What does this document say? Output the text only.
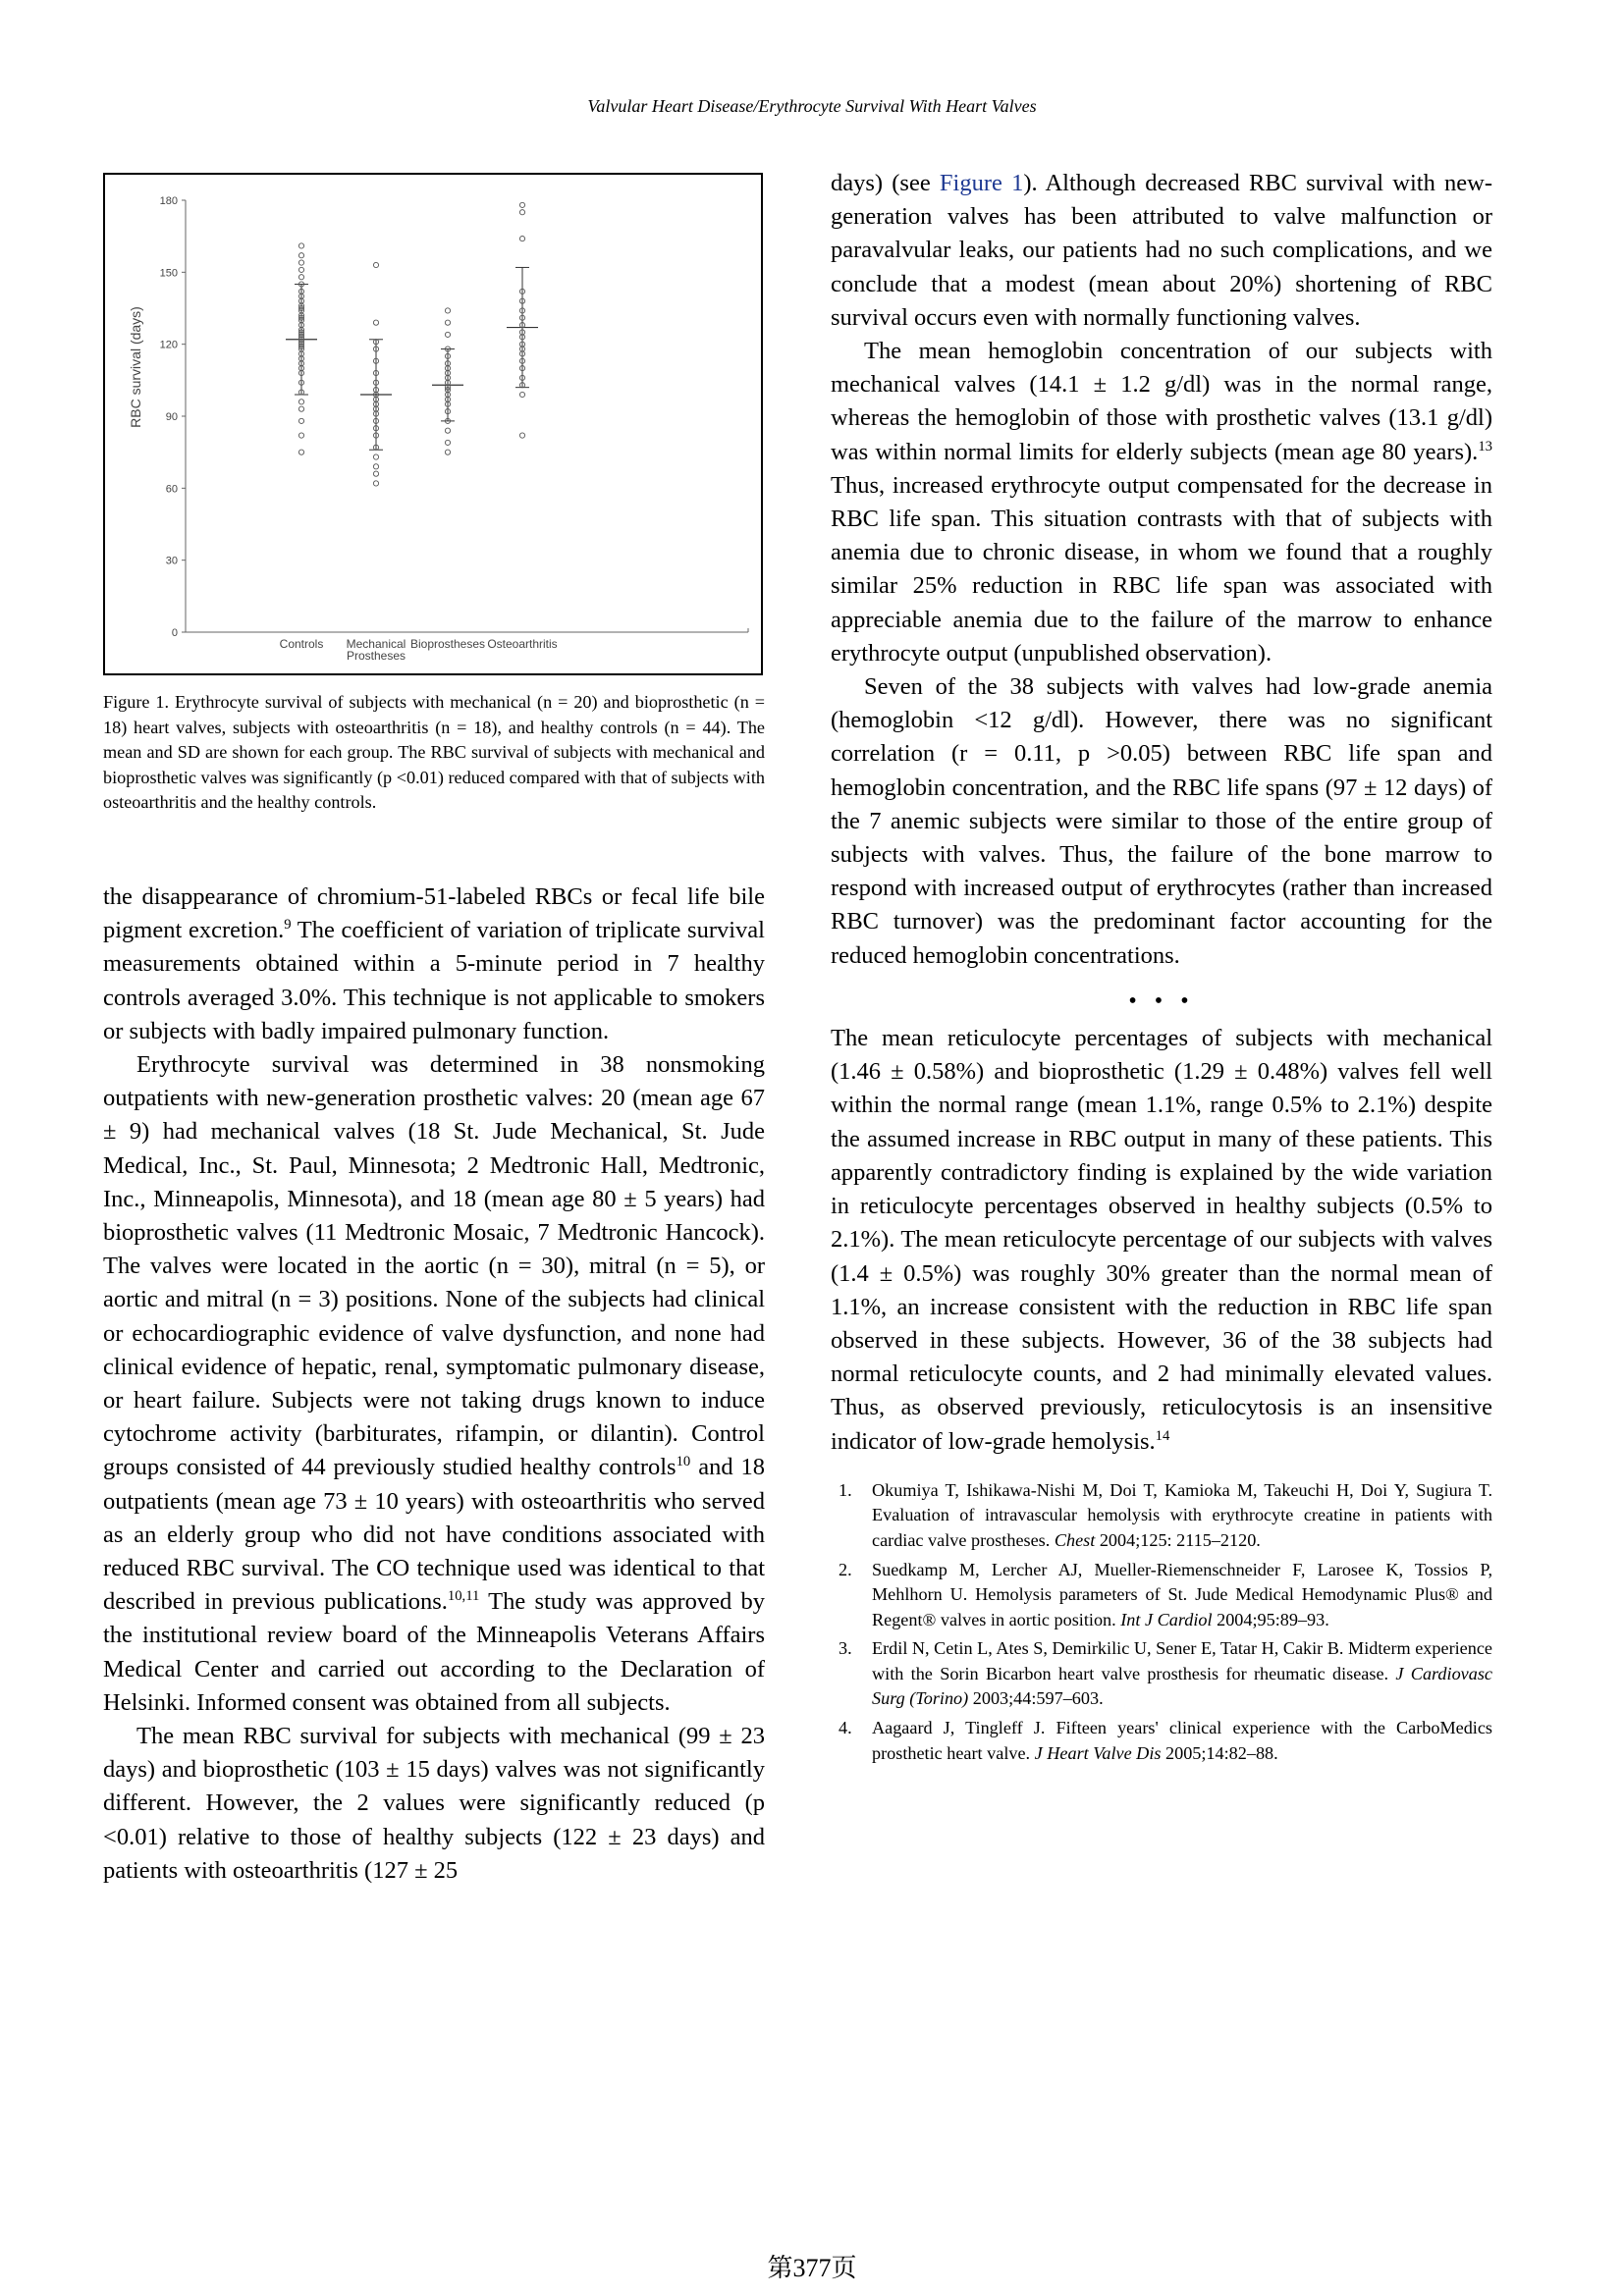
Valvular Heart Disease/Erythrocyte Survival With Heart Valves
0
30
60
90
120
150
180
RBC survival (days)
Controls Mechanical
Prostheses
Bioprostheses Osteoarthritis
Figure 1. Erythrocyte survival of subjects with mechanical (n = 20) and bioprosthetic (n = 18) heart valves, subjects with osteoarthritis (n = 18), and healthy controls (n = 44). The mean and SD are shown for each group. The RBC survival of subjects with mechanical and bioprosthetic valves was significantly (p <0.01) reduced compared with that of subjects with osteoarthritis and the healthy controls.

the disappearance of chromium-51-labeled RBCs or fecal life bile pigment excretion.$^9$ The coefficient of variation of triplicate survival measurements obtained within a 5-minute period in 7 healthy controls averaged 3.0%. This technique is not applicable to smokers or subjects with badly impaired pulmonary function.

Erythrocyte survival was determined in 38 nonsmoking outpatients with new-generation prosthetic valves: 20 (mean age 67 ± 9) had mechanical valves (18 St. Jude Mechanical, St. Jude Medical, Inc., St. Paul, Minnesota; 2 Medtronic Hall, Medtronic, Inc., Minneapolis, Minnesota), and 18 (mean age 80 ± 5 years) had bioprosthetic valves (11 Medtronic Mosaic, 7 Medtronic Hancock). The valves were located in the aortic (n = 30), mitral (n = 5), or aortic and mitral (n = 3) positions. None of the subjects had clinical or echocardiographic evidence of valve dysfunction, and none had clinical evidence of hepatic, renal, symptomatic pulmonary disease, or heart failure. Subjects were not taking drugs known to induce cytochrome activity (barbiturates, rifampin, or dilantin). Control groups consisted of 44 previously studied healthy controls$^{10}$ and 18 outpatients (mean age 73 ± 10 years) with osteoarthritis who served as an elderly group who did not have conditions associated with reduced RBC survival. The CO technique used was identical to that described in previous publications.$^{10,11}$ The study was approved by the institutional review board of the Minneapolis Veterans Affairs Medical Center and carried out according to the Declaration of Helsinki. Informed consent was obtained from all subjects.

The mean RBC survival for subjects with mechanical (99 ± 23 days) and bioprosthetic (103 ± 15 days) valves was not significantly different. However, the 2 values were significantly reduced (p <0.01) relative to those of healthy subjects (122 ± 23 days) and patients with osteoarthritis (127 ± 25

days) (see Figure 1). Although decreased RBC survival with new-generation valves has been attributed to valve malfunction or paravalvular leaks, our patients had no such complications, and we conclude that a modest (mean about 20%) shortening of RBC survival occurs even with normally functioning valves.

The mean hemoglobin concentration of our subjects with mechanical valves (14.1 ± 1.2 g/dl) was in the normal range, whereas the hemoglobin of those with prosthetic valves (13.1 g/dl) was within normal limits for elderly subjects (mean age 80 years).$^{13}$ Thus, increased erythrocyte output compensated for the decrease in RBC life span. This situation contrasts with that of subjects with anemia due to chronic disease, in whom we found that a roughly similar 25% reduction in RBC life span was associated with appreciable anemia due to the failure of the marrow to enhance erythrocyte output (unpublished observation).

Seven of the 38 subjects with valves had low-grade anemia (hemoglobin <12 g/dl). However, there was no significant correlation (r = 0.11, p >0.05) between RBC life span and hemoglobin concentration, and the RBC life spans (97 ± 12 days) of the 7 anemic subjects were similar to those of the entire group of subjects with valves. Thus, the failure of the bone marrow to respond with increased output of erythrocytes (rather than increased RBC turnover) was the predominant factor accounting for the reduced hemoglobin concentrations.

• • •

The mean reticulocyte percentages of subjects with mechanical (1.46 ± 0.58%) and bioprosthetic (1.29 ± 0.48%) valves fell well within the normal range (mean 1.1%, range 0.5% to 2.1%) despite the assumed increase in RBC output in many of these patients. This apparently contradictory finding is explained by the wide variation in reticulocyte percentages observed in healthy subjects (0.5% to 2.1%). The mean reticulocyte percentage of our subjects with valves (1.4 ± 0.5%) was roughly 30% greater than the normal mean of 1.1%, an increase consistent with the reduction in RBC life span observed in these subjects. However, 36 of the 38 subjects had normal reticulocyte counts, and 2 had minimally elevated values. Thus, as observed previously, reticulocytosis is an insensitive indicator of low-grade hemolysis.$^{14}$

1. Okumiya T, Ishikawa-Nishi M, Doi T, Kamioka M, Takeuchi H, Doi Y, Sugiura T. Evaluation of intravascular hemolysis with erythrocyte creatine in patients with cardiac valve prostheses. Chest 2004;125: 2115–2120.
2. Suedkamp M, Lercher AJ, Mueller-Riemenschneider F, Larosee K, Tossios P, Mehlhorn U. Hemolysis parameters of St. Jude Medical Hemodynamic Plus® and Regent® valves in aortic position. Int J Cardiol 2004;95:89–93.
3. Erdil N, Cetin L, Ates S, Demirkilic U, Sener E, Tatar H, Cakir B. Midterm experience with the Sorin Bicarbon heart valve prosthesis for rheumatic disease. J Cardiovasc Surg (Torino) 2003;44:597–603.
4. Aagaard J, Tingleff J. Fifteen years' clinical experience with the CarboMedics prosthetic heart valve. J Heart Valve Dis 2005;14:82–88.
第377页
